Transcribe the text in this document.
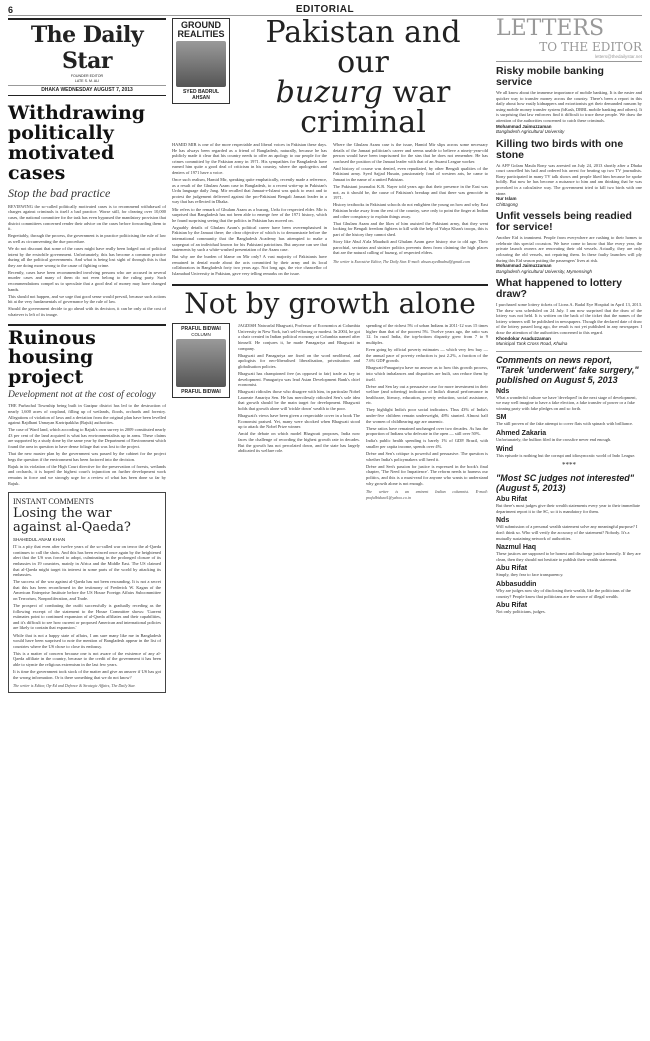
6	EDITORIAL
The Daily Star
FOUNDER EDITOR
LATE S. M. ALI
DHAKA WEDNESDAY AUGUST 7, 2013
Withdrawing politically motivated cases
Stop the bad practice

REVIEWING the so-called politically motivated cases is to recommend withdrawal of charges against criminals is itself a bad practice. Worse still, for clearing over 10,000 cases, the national committee for the task has even bypassed the mandatory provision that district committees concerned render their advice on the cases before forwarding them to it.

Regrettably, through the process, the government is in practice politicising the rule of law as well as circumventing the due procedure.

We do not discount that some of the cases might have really been lodged out of political intent by the erstwhile government. Unfortunately, this has become a common practice during all the political governments. And what is being lost sight of through this is that they are doing more wrong to the cause of fighting crime.

Recently, cases have been recommended involving persons who are accused in several murder cases and many of them do not even belong to the ruling party. Such recommendations compel us to speculate that a good deal of money may have changed hands.

This should not happen, and we urge that good sense would prevail, because such actions hit at the very fundamentals of governance by the rule of law.

Should the government decide to go ahead with its decision, it can be only at the cost of whatever is left of its image.

Ruinous housing project
Development not at the cost of ecology

THE Purbachal Township being built in Gazipur district has led to the destruction of nearly 1,600 acres of cropland, filling up of wetlands, floods, orchards and forestry. Allegations of violation of laws and a deviation from the original plan have been levelled against Rajdhani Unnayan Kartripakkha (Rajuk) authorities.

The case of Ward land, which according to Rajuk's own survey in 2009 constituted nearly 43 per cent of the land acquired is what has environmentalists up in arms. These claims are supported by a study done by the same year by the Department of Environment which found the area in question to have dense foliage that was lost to the project.

That the new master plan by the government was passed by the cabinet for the project begs the question if the environment has been factored into the decision.

Rajuk in its violation of the High Court directive for the preservation of forests, wetlands and orchards, it is hoped the highest court's injunction on further development work remains in force and we strongly urge for a review of what has been done so far by Rajuk.

INSTANT COMMENTS
Losing the war against al-Qaeda?
SHAHEDUL ANAM KHAN

IT is a pity that even after twelve years of the so-called war on terror the al-Qaeda continues to call the shots. And this has been evinced once again by the heightened alert that the US was forced to adopt, culminating in the prolonged closure of its embassies in 19 countries, mainly in Africa and the Middle East. The US claimed that al-Qaeda might target its interest in some parts of the world by attacking its embassies.

The success of the war against al-Qaeda has not been resounding. It is not a secret that this has been reconfirmed in the testimony of Frederick W. Kagan of the American Enterprise Institute before the US House Foreign Affairs Subcommittee on Terrorism, Nonproliferation, and Trade.

The prospect of combating the outfit successfully is gradually receding as the following excerpt of the statement to the House Committee shows: 'Current estimates point to continued expansion of al-Qaeda affiliates and their capabilities, and it's difficult to see how current or proposed American and international policies are likely to contain that expansion.'

While that is not a happy state of affairs, I am sure many like me in Bangladesh would have been surprised to note the mention of Bangladesh appear in the list of countries where the US chose to close its embassy.

This is a matter of concern because one is not aware of the existence of any al-Qaeda affiliate in the country, because to the credit of the government it has been able to stymie the religious extremism in the last few years.

It is time the government took stock of the matter and give an answer if US has got the wrong information. Or is there something that we do not know?

The writer is Editor, Op-Ed and Defence & Strategic Affairs, The Daily Star.
GROUND REALITIES
SYED BADRUL AHSAN
Pakistan and our
buzurg war criminal

HAMID MIR is one of the more respectable and liberal voices in Pakistan these days. He has always been regarded as a friend of Bangladesh, naturally, because he has publicly made it clear that his country needs to offer an apology to our people for the crimes committed by the Pakistan army in 1971. His sympathies for Bangladesh have earned him quite a good deal of criticism in his country, where the apologetics and deniers of 1971 have a voice.

Once such realism, Hamid Mir, speaking quite emphatically, recently made a reference, as a result of the Ghulam Azam case in Bangladesh, to a recent write-up in Pakistan's Urdu language daily Jang. Mir recalled that Jamaat-e-Islami was quick to react and to protest the judgement delivered against the pro-Pakistani Bengali Jamaat leader in a way that has reflected in Dhaka.

Mir refers to the remark of Ghulam Azam as a buzurg, Urdu for respected elder. Mir is surprised that Bangladesh has not been able to emerge free of the 1971 history, which he found surprising seeing that the politics in Pakistan has moved on.

Arguably details of Ghulam Azam's political career have been overemphasised in Pakistan by the Jamaat there; the clear objective of which is to demonstrate before the international community that the Bangladesh Academy has attempted to make a scapegoat of an individual known for his Pakistani patriotism. But anyone can see that statements by such a white-washed presentation of the Azam case.

But why are the burden of blame on Mir only? A vast majority of Pakistanis have remained in denial mode about the acts committed by their army and its local collaborators in Bangladesh forty two years ago. Not long ago, the vice chancellor of Islamabad University in Pakistan, gave very telling remarks on the issue.

Where the Ghulam Azam case is the issue, Hamid Mir slips across some necessary details of the Jamaat politician's career and seems unable to believe a ninety-year-old person would have been imprisoned for the sins that he does not remember. He has confused the position of the Jamaat leader with that of an Awami League worker.

And history of course was denied, even repudiated, by other Bengali qualities of the Pakistani army. Syed Sajjad Husain, passionately fond of western arts, he came to Jamaat in the name of a united Pakistan.

The Pakistani journalist K.R. Nayer told years ago that their presence in the East was not, as it should be, the cause of Pakistan's breakup and that there was genocide in 1971.

History textbooks in Pakistani schools do not enlighten the young on how and why East Pakistan broke away from the rest of the country, save only to point the finger at Indian and other conspiracy to explain things away.

That Ghulam Azam and the likes of him assisted the Pakistani army, that they went looking for Bengali freedom fighters to kill with the help of Yahya Khan's troops, this is part of the history they cannot shed.

Story like Abul A'ala Maududi and Ghulam Azam gave history rise to old age. Their parochial, sectarian and sinister politics prevents them from claiming the high places that are the natural calling of buzurg, of respected elders.

The writer is Executive Editor, The Daily Star. E-mail: ahsan.syedbadrul@gmail.com
Not by growth alone
PRAFUL BIDWAI
COLUMN
PRAFUL BIDWAI

JAGDISH Natwarlal Bhagwati, Professor of Economics at Columbia University in New York, isn't self-effacing or modest. In 2004, he got a chair created in Indian political economy at Columbia named after himself. He conjures it, he made Panagariya and Bhagwati in company.

Bhagwati and Panagariya are fixed on the word neoliberal, and apologists for neo-liberalised liberalisation, privatisation and globalisation policies.

Bhagwati has championed free (as opposed to fair) trade as key to development. Panagariya was lead Asian Development Bank's chief economist.

Bhagwati ridicules those who disagree with him, in particular Nobel Laureate Amartya Sen. He has mercilessly ridiculed Sen's sole idea that growth should be the main target for development. Bhagwati holds that growth alone will 'trickle down' wealth to the poor.

Bhagwati's views have been given a respectable cover in a book The Economist praised. Yet, many were shocked when Bhagwati stood up to attack the Nobel Prize winner.

Amid the debate on which model Bhagwati proposes, India now faces the challenge of recording the highest growth rate in decades. But the growth has not percolated down, and the state has largely abdicated its welfare role.

spending of the richest 5% of urban Indians in 2011-12 was 15 times higher than that of the poorest 5%. Twelve years ago, the ratio was 12. In rural India, the top-bottom disparity grew from 7 to 9 multiples.

Even going by official poverty estimates — which very few buy — the annual pace of poverty reduction is just 2.2%, a fraction of the 7.6% GDP growth.

Bhagwati-Panagariya have no answer as to how this growth process, into which imbalances and disparities are built, can reduce them by itself.

Drèze and Sen lay out a persuasive case for more investment in their welfare (and sobering) indicators of India's dismal performance in healthcare, literacy, education, poverty reduction, social assistance, etc.

They highlight India's poor social indicators. Thus 43% of India's under-five children remain underweight, 48% stunted. Almost half the women of childbearing age are anaemic.

These ratios have remained unchanged over two decades. As has the proportion of Indians who defecate in the open — still over 50%.

India's public health spending is barely 1% of GDP. Brazil, with smaller per capita income, spends over 4%.

Drèze and Sen's critique is powerful and persuasive. The question is whether India's policymakers will heed it.

Drèze and Sen's passion for justice is expressed in the book's final chapter, 'The Need for Impatience'. The reform needs to harness our politics, and this is a must-read for anyone who wants to understand why growth alone is not enough.

The writer is an eminent Indian columnist. E-mail: prafulbidwai1@yahoo.co.in
LETTERS
TO THE EDITOR
letters@thedailystar.net
Risky mobile banking service
We all know about the immense importance of mobile banking. It is the easier and quicker way to transfer money across the country. There's been a report in this daily about how easily kidnappers and extortionists get their demanded ransom by using mobile money transfer system (bKash, DBBL mobile banking and others). It is surprising that law enforcers find it difficult to trace these people. We draw the attention of the authorities concerned to catch these criminals.
Mohammad Jaimuzzaman
Bangladesh Agricultural University
Killing two birds with one stone
At AFP Golam Maula Rony was arrested on July 24, 2013 shortly after a Dhaka court cancelled his bail and ordered his arrest for beating up two TV journalists. Rony participated in many TV talk shows and people liked him because he spoke boldly. But now he has become a nuisance to him and am thinking that he was provoked in a calculative way. The government tried to kill two birds with one stone.
Nur Islam
Chittagong
Unfit vessels being readied for service!
Another Eid is imminent. People from everywhere are rushing to their homes to celebrate this special occasion. We have come to know that like every year, the private launch owners are renovating their old vessels. Actually, they are only colouring the old vessels, not repairing them. In these faulty launches will ply during this Eid season putting the passengers' lives at risk.
Mohammad Jaimuzzaman
Bangladesh Agricultural University, Mymensingh
What happened to lottery draw?
I purchased some lottery tickets of Lions A. Badal Eye Hospital in April 13, 2013. The draw was scheduled on 24 July. I am now surprised that the draw of the lottery was not held. It is written on the back of the ticket that the names of the lottery winners will be published in newspapers. Though the declared date of draw of the lottery passed long ago, the result is not yet published in any newspaper. I draw the attention of the authorities concerned to this regard.
Khondokar Asaduzzaman
Municipal Tank Cross Road, Khulna
Comments on news report, "Tarek 'underwent' fake surgery," published on August 5, 2013
Nds
What a wonderful culture we have 'developed' in the next stage of development, we may well imagine to have a fake election, a fake transfer of power or a fake winning party with fake pledges on and so forth.
SM
The still proven of the fake attempt to cover flats with spinach with brilliance.
Ahmed Zakaria
Unfortunately, the bullion filed in the crossfire never end enough.
Wind
This episode is nothing but the corrupt and idiosyncratic world of Indo League.
****
"Most SC judges not interested" (August 5, 2013)
Abu Rifat
But there's most judges give their wealth statements every year to their immediate department report it to the SC, so it is mandatory for them.
Nds
Will submission of a personal wealth statement solve any meaningful purpose? I don't think so. Who will verify the accuracy of the statement? Nobody. It's a mutually sustaining network of authorities.
Nazmul Haq
These justices are supposed to be honest and discharge justice honestly. If they are clean, then they should not hesitate to publish their wealth statement.
Abu Rifat
Simply, they fear to face transparency.
Abbasuddin
Why are judges now shy of disclosing their wealth, like the politicians of the country? People know that politicians are the source of illegal wealth.
Abu Rifat
Not only politicians, judges.
